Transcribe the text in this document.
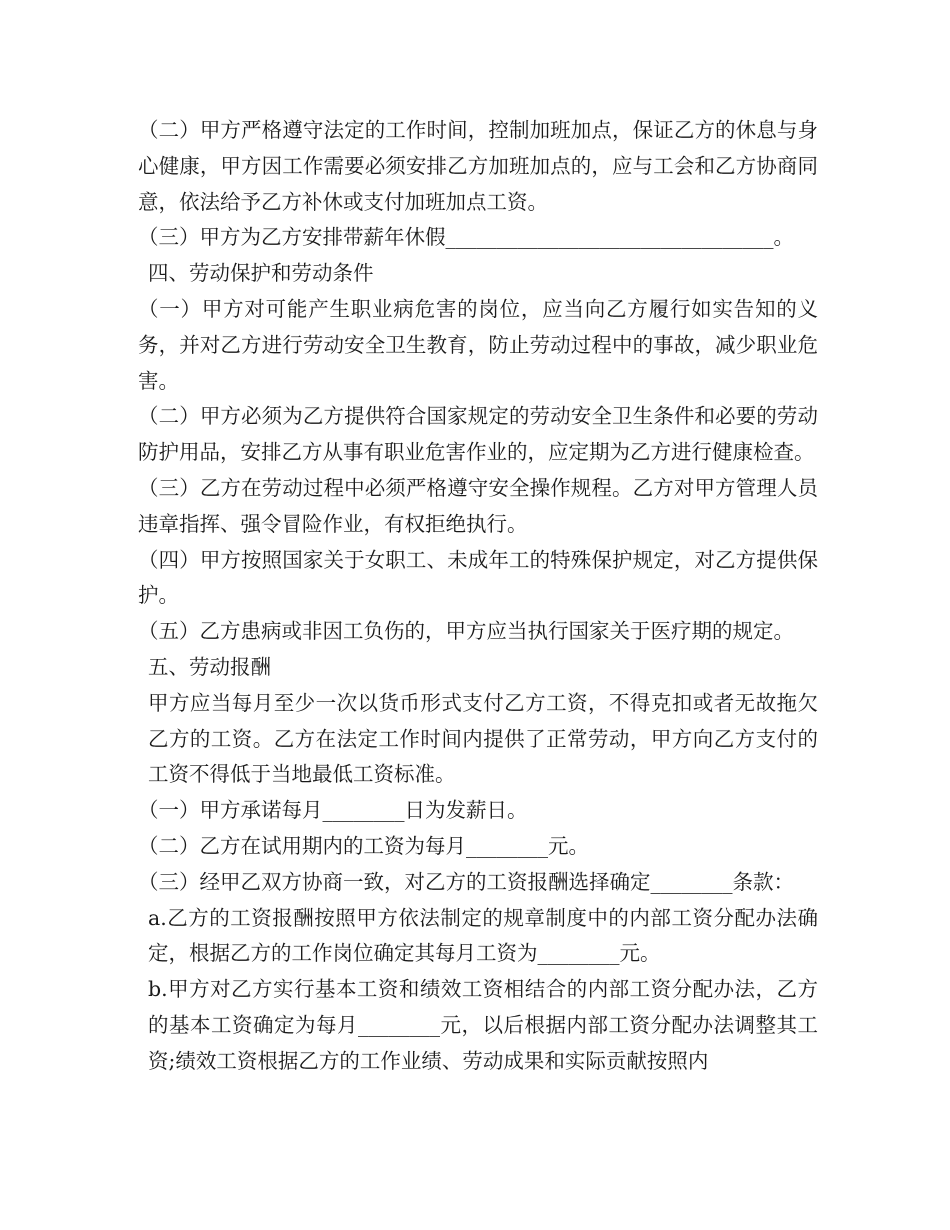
（二）甲方严格遵守法定的工作时间，控制加班加点，保证乙方的休息与身心健康，甲方因工作需要必须安排乙方加班加点的，应与工会和乙方协商同意，依法给予乙方补休或支付加班加点工资。

（三）甲方为乙方安排带薪年休假________________________________。

四、劳动保护和劳动条件

（一）甲方对可能产生职业病危害的岗位，应当向乙方履行如实告知的义务，并对乙方进行劳动安全卫生教育，防止劳动过程中的事故，减少职业危害。

（二）甲方必须为乙方提供符合国家规定的劳动安全卫生条件和必要的劳动防护用品，安排乙方从事有职业危害作业的，应定期为乙方进行健康检查。

（三）乙方在劳动过程中必须严格遵守安全操作规程。乙方对甲方管理人员违章指挥、强令冒险作业，有权拒绝执行。

（四）甲方按照国家关于女职工、未成年工的特殊保护规定，对乙方提供保护。

（五）乙方患病或非因工负伤的，甲方应当执行国家关于医疗期的规定。

五、劳动报酬

甲方应当每月至少一次以货币形式支付乙方工资，不得克扣或者无故拖欠乙方的工资。乙方在法定工作时间内提供了正常劳动，甲方向乙方支付的工资不得低于当地最低工资标准。

（一）甲方承诺每月________日为发薪日。

（二）乙方在试用期内的工资为每月________元。

（三）经甲乙双方协商一致，对乙方的工资报酬选择确定________条款：

a.乙方的工资报酬按照甲方依法制定的规章制度中的内部工资分配办法确定，根据乙方的工作岗位确定其每月工资为________元。

b.甲方对乙方实行基本工资和绩效工资相结合的内部工资分配办法，乙方的基本工资确定为每月________元，以后根据内部工资分配办法调整其工资;绩效工资根据乙方的工作业绩、劳动成果和实际贡献按照内
